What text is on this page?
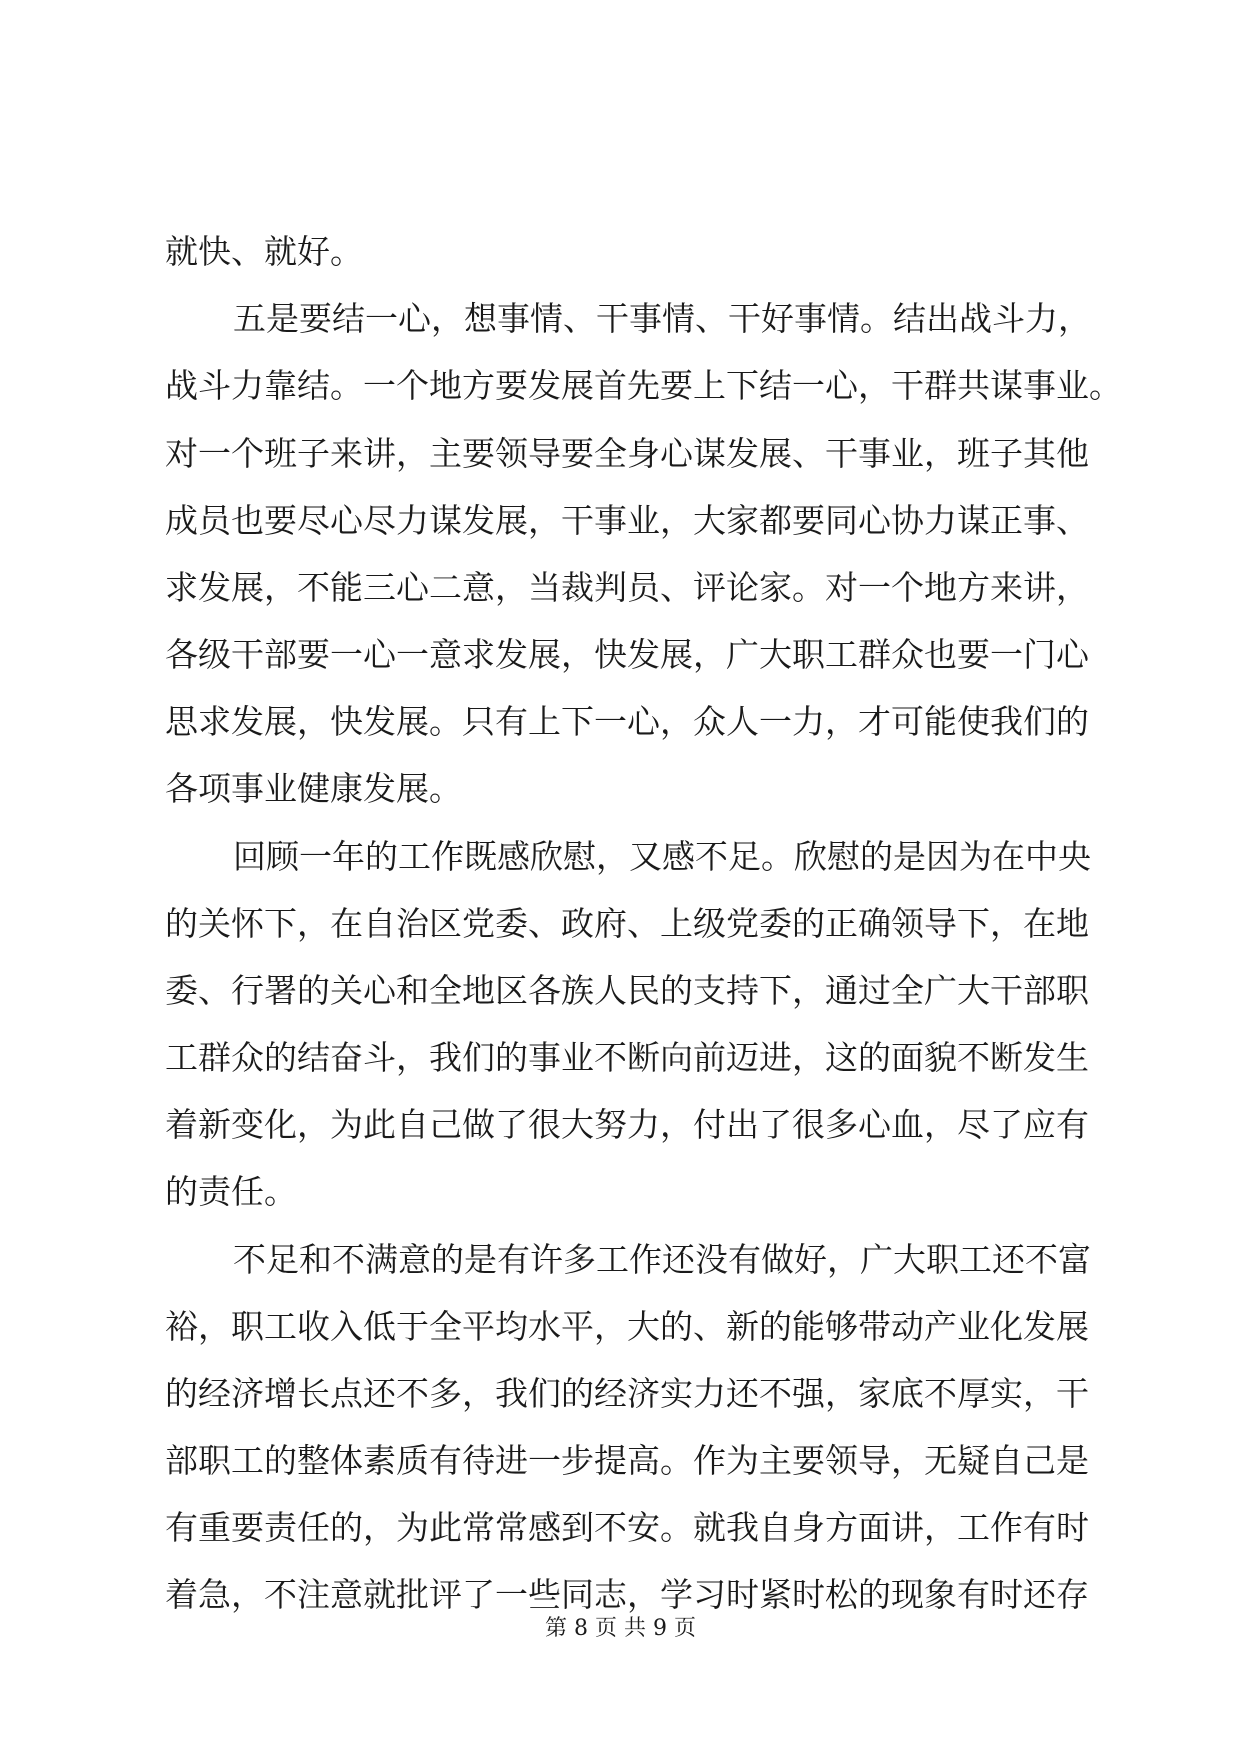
就快、就好。
五是要结一心，想事情、干事情、干好事情。结出战斗力，
战斗力靠结。一个地方要发展首先要上下结一心，干群共谋事业。
对一个班子来讲，主要领导要全身心谋发展、干事业，班子其他
成员也要尽心尽力谋发展，干事业，大家都要同心协力谋正事、
求发展，不能三心二意，当裁判员、评论家。对一个地方来讲，
各级干部要一心一意求发展，快发展，广大职工群众也要一门心
思求发展，快发展。只有上下一心，众人一力，才可能使我们的
各项事业健康发展。
回顾一年的工作既感欣慰，又感不足。欣慰的是因为在中央
的关怀下，在自治区党委、政府、上级党委的正确领导下，在地
委、行署的关心和全地区各族人民的支持下，通过全广大干部职
工群众的结奋斗，我们的事业不断向前迈进，这的面貌不断发生
着新变化，为此自己做了很大努力，付出了很多心血，尽了应有
的责任。
不足和不满意的是有许多工作还没有做好，广大职工还不富
裕，职工收入低于全平均水平，大的、新的能够带动产业化发展
的经济增长点还不多，我们的经济实力还不强，家底不厚实，干
部职工的整体素质有待进一步提高。作为主要领导，无疑自己是
有重要责任的，为此常常感到不安。就我自身方面讲，工作有时
着急，不注意就批评了一些同志，学习时紧时松的现象有时还存
第 8 页 共 9 页
